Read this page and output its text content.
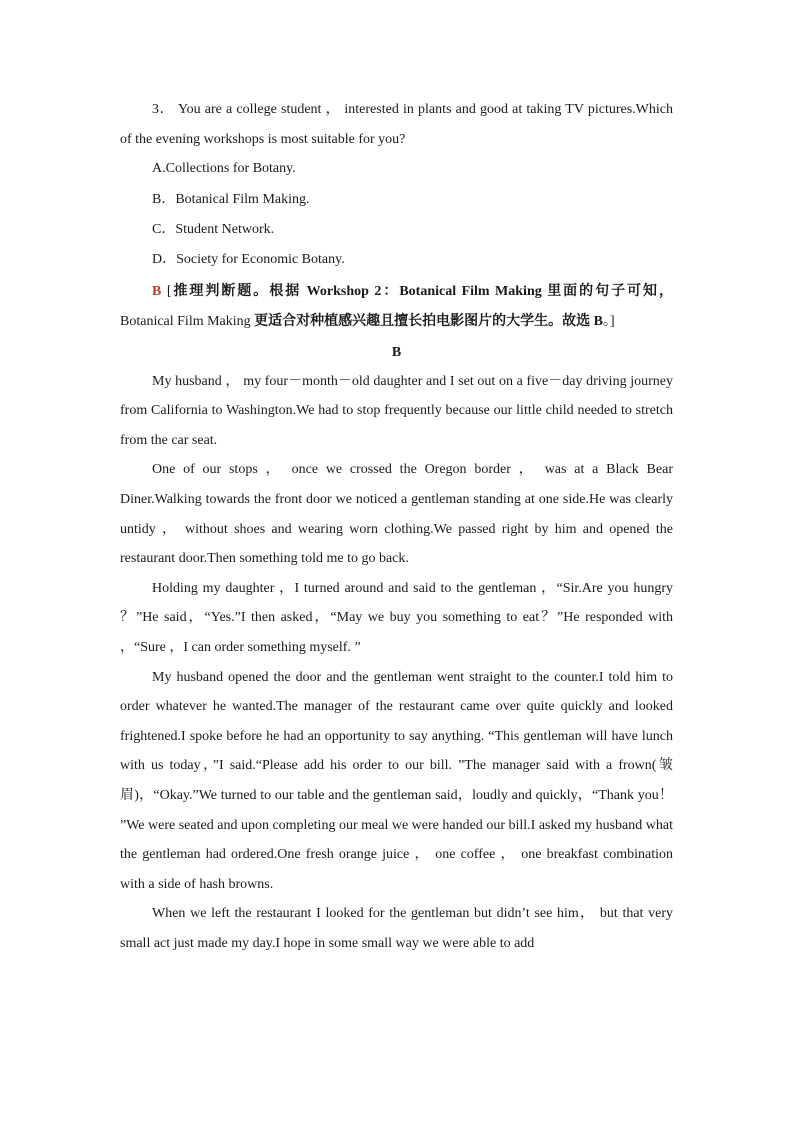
3． You are a college student ， interested in plants and good at taking TV pictures.Which of the evening workshops is most suitable for you?

A.Collections for Botany.

B．Botanical Film Making.

C．Student Network.

D．Society for Economic Botany.

B [推理判断题。根据 Workshop 2：Botanical Film Making 里面的句子可知，Botanical Film Making 更适合对种植感兴趣且擅长拍电影图片的大学生。故选 B。]

B

My husband ， my four－month－old daughter and I set out on a five－day driving journey from California to Washington.We had to stop frequently because our little child needed to stretch from the car seat.

One of our stops ， once we crossed the Oregon border ， was at a Black Bear Diner.Walking towards the front door we noticed a gentleman standing at one side.He was clearly untidy ， without shoes and wearing worn clothing.We passed right by him and opened the restaurant door.Then something told me to go back.

Holding my daughter ，I turned around and said to the gentleman ，“Sir.Are you hungry ？”He said，“Yes.”I then asked，“May we buy you something to eat？”He responded with ，“Sure ，I can order something myself. ”

My husband opened the door and the gentleman went straight to the counter.I told him to order whatever he wanted.The manager of the restaurant came over quite quickly and looked frightened.I spoke before he had an opportunity to say anything. “This gentleman will have lunch with us today，”I said.“Please add his order to our bill. ”The manager said with a frown(皱眉)，“Okay.”We turned to our table and the gentleman said，loudly and quickly，“Thank you！ ”We were seated and upon completing our meal we were handed our bill.I asked my husband what the gentleman had ordered.One fresh orange juice ， one coffee ， one breakfast combination with a side of hash browns.

When we left the restaurant I looked for the gentleman but didn’t see him， but that very small act just made my day.I hope in some small way we were able to add
